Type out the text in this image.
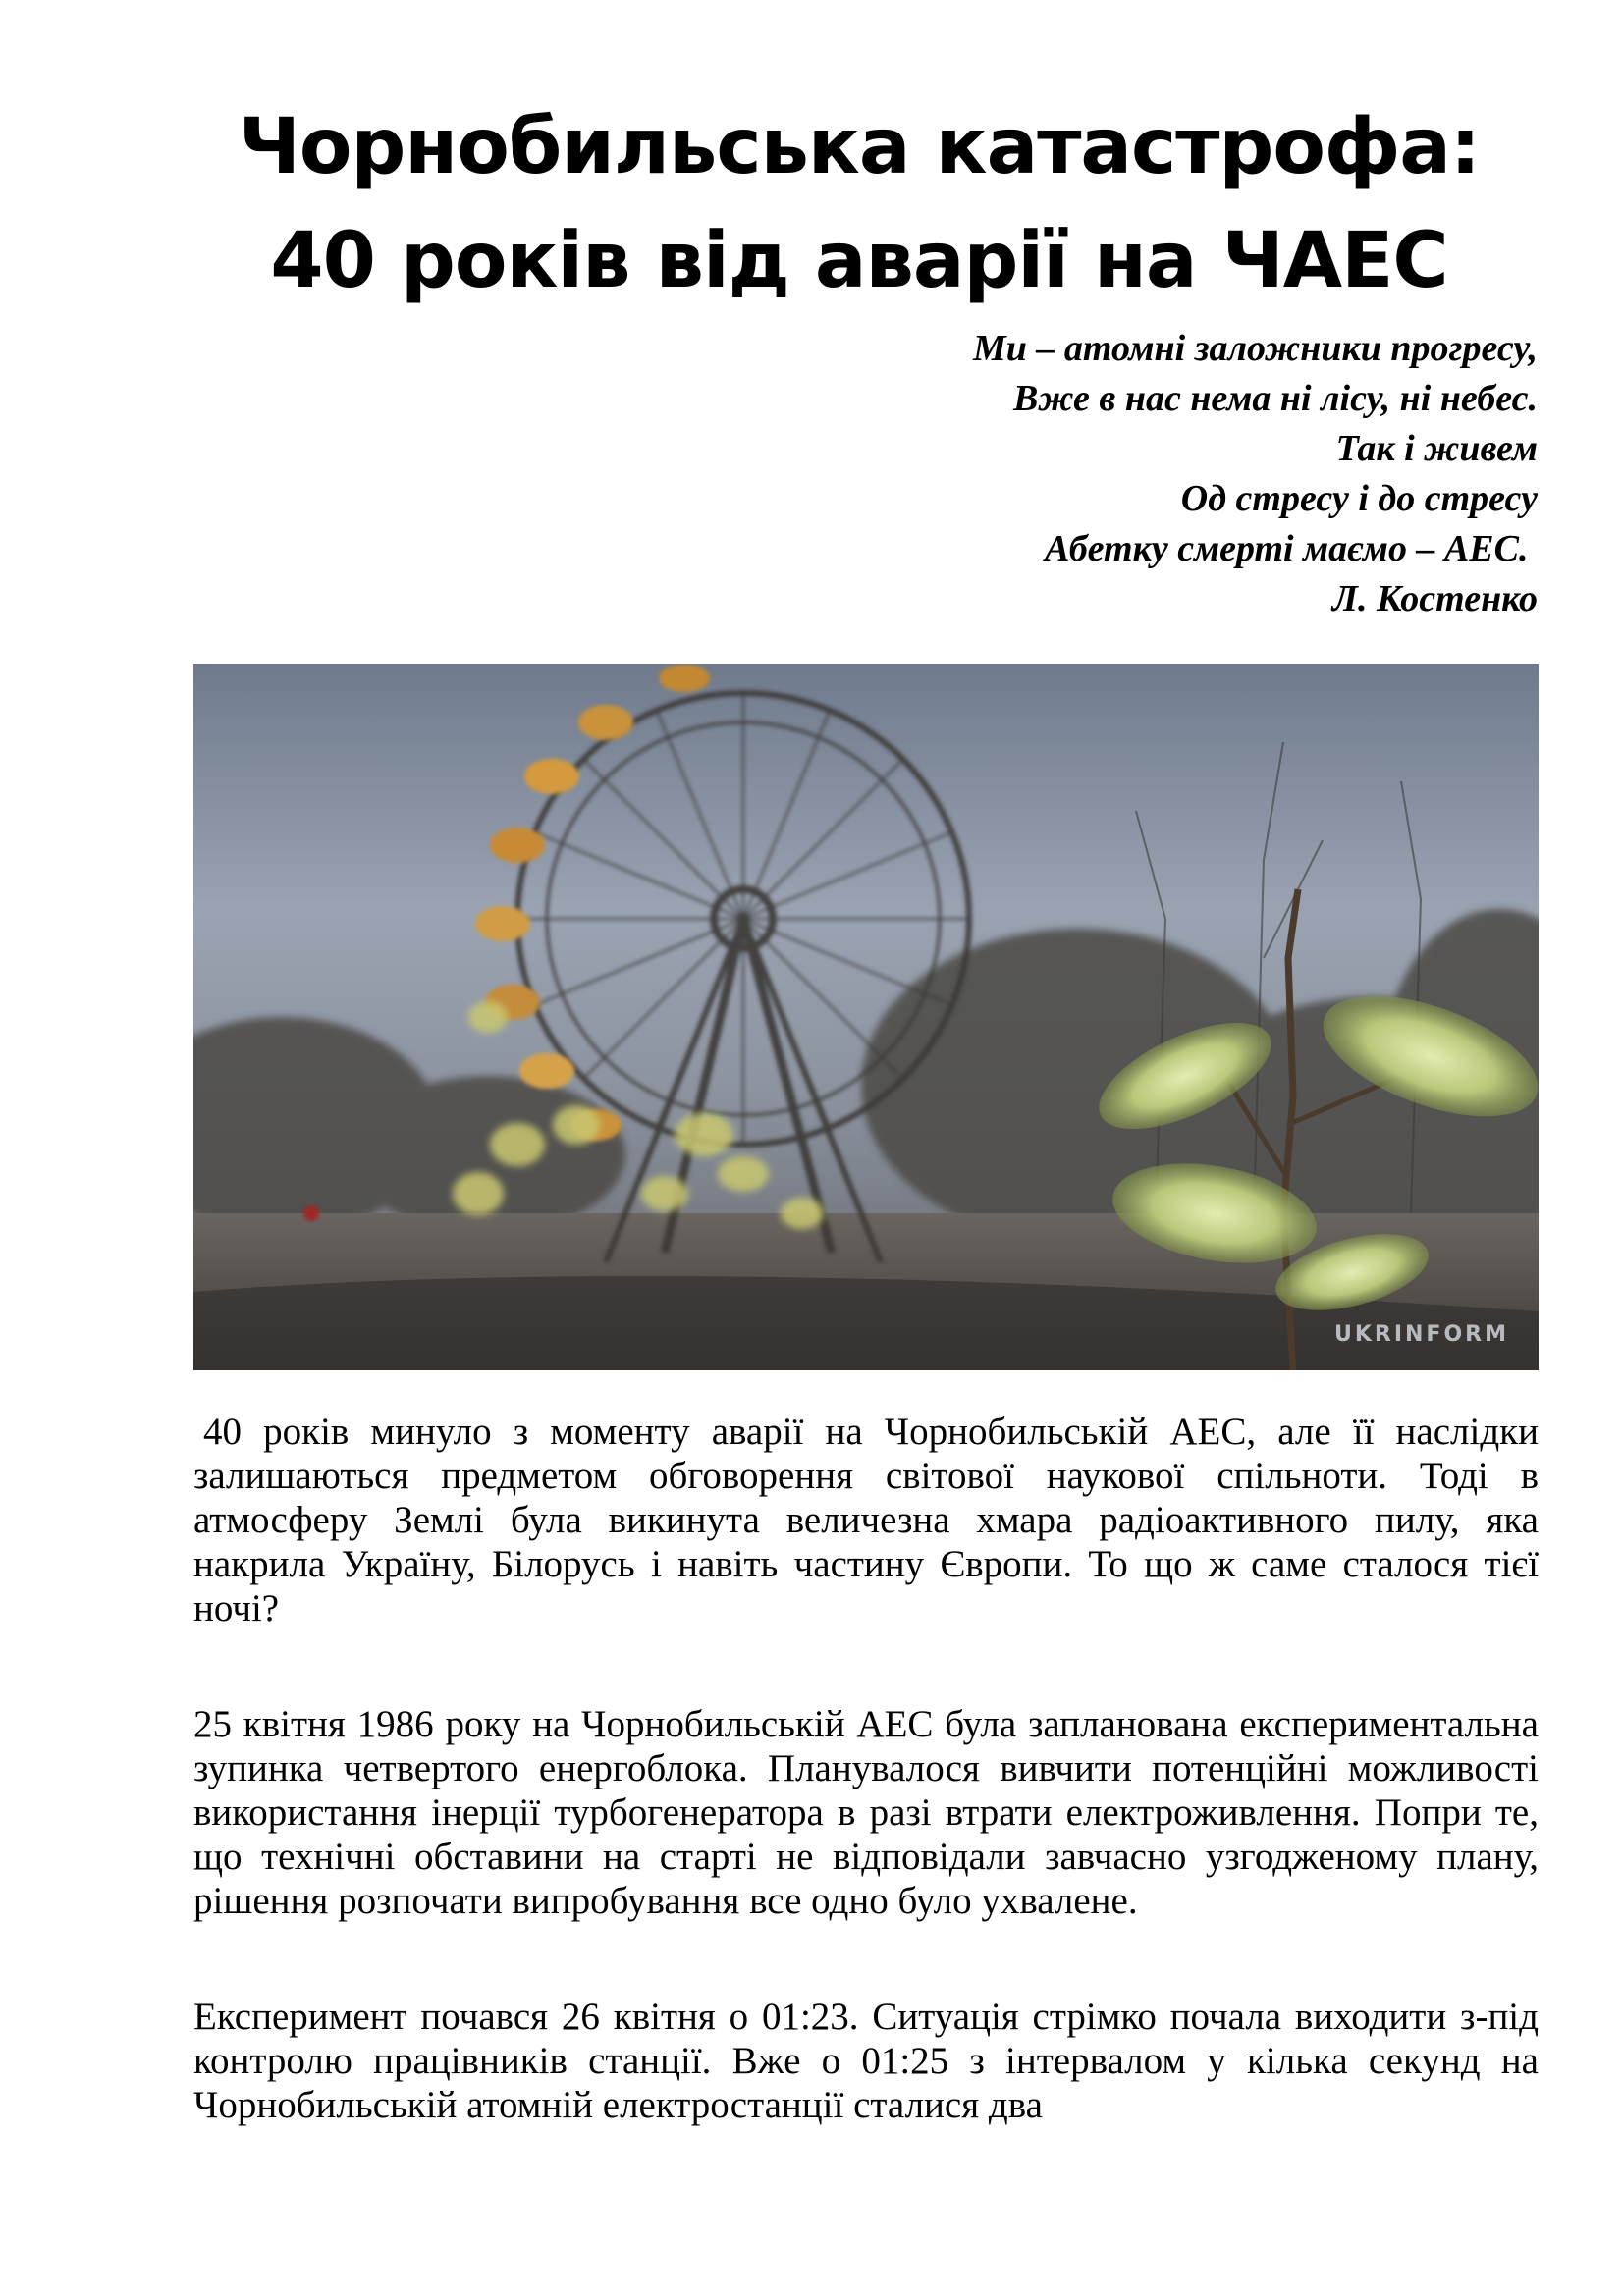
Чорнобильська катастрофа:
40 років від аварії на ЧАЕС
Ми – атомні заложники прогресу,
Вже в нас нема ні лісу, ні небес.
Так і живем
Од стресу і до стресу
Абетку смерті маємо – АЕС.
Л. Костенко
UKRINFORM

40 років минуло з моменту аварії на Чорнобильській АЕС, але її наслідки залишаються предметом обговорення світової наукової спільноти. Тоді в атмосферу Землі була викинута величезна хмара радіоактивного пилу, яка накрила Україну, Білорусь і навіть частину Європи. То що ж саме сталося тієї ночі?

25 квітня 1986 року на Чорнобильській АЕС була запланована експериментальна зупинка четвертого енергоблока. Планувалося вивчити потенційні можливості використання інерції турбогенератора в разі втрати електроживлення. Попри те, що технічні обставини на старті не відповідали завчасно узгодженому плану, рішення розпочати випробування все одно було ухвалене.

Експеримент почався 26 квітня о 01:23. Ситуація стрімко почала виходити з-під контролю працівників станції. Вже о 01:25 з інтервалом у кілька секунд на Чорнобильській атомній електростанції сталися два
